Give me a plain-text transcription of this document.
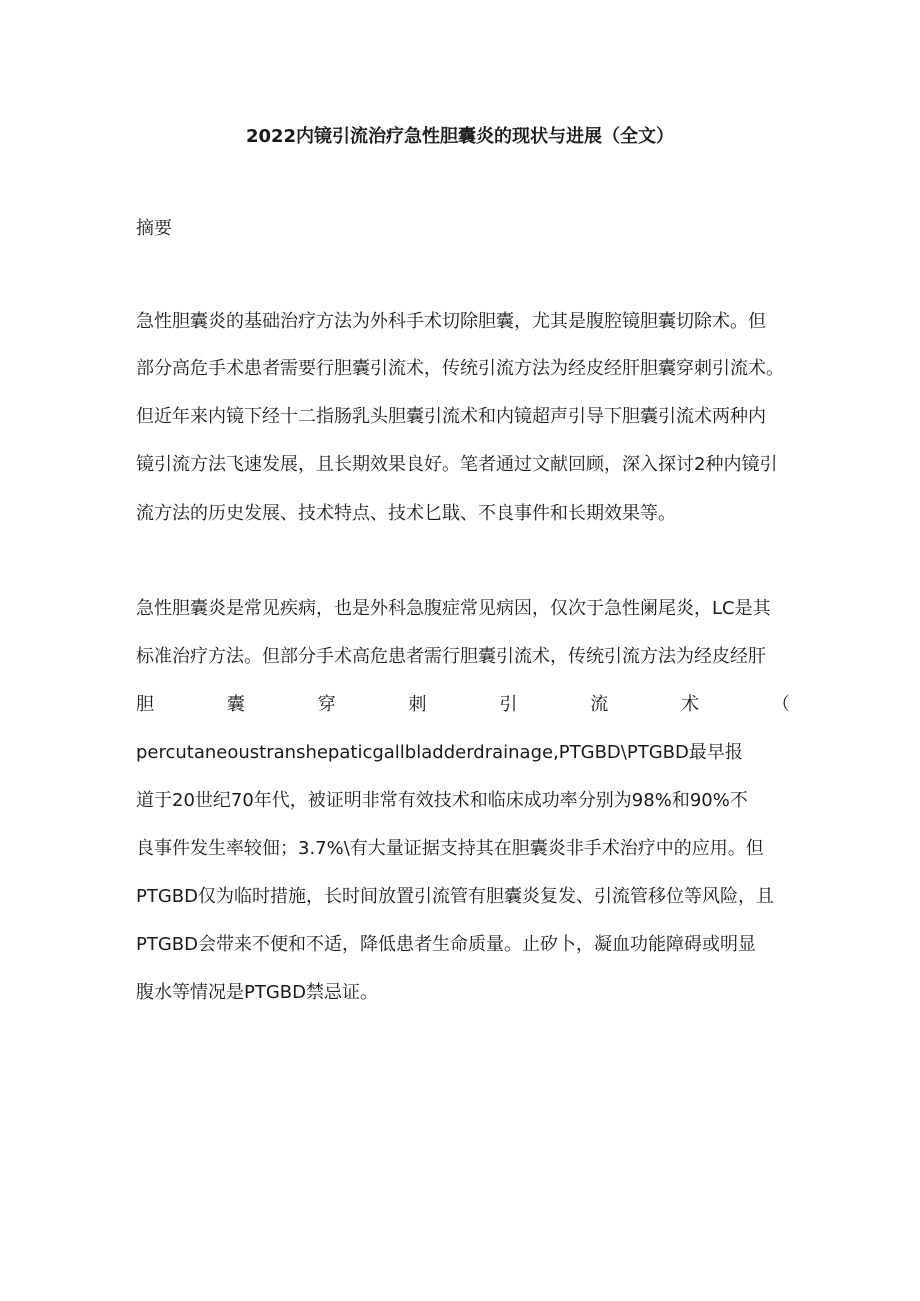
2022内镜引流治疗急性胆囊炎的现状与进展（全文）
摘要
急性胆囊炎的基础治疗方法为外科手术切除胆囊，尤其是腹腔镜胆囊切除术。但
部分高危手术患者需要行胆囊引流术，传统引流方法为经皮经肝胆囊穿刺引流术。
但近年来内镜下经十二指肠乳头胆囊引流术和内镜超声引导下胆囊引流术两种内
镜引流方法飞速发展，且长期效果良好。笔者通过文献回顾，深入探讨2种内镜引
流方法的历史发展、技术特点、技术匕戢、不良事件和长期效果等。
急性胆囊炎是常见疾病，也是外科急腹症常见病因，仅次于急性阑尾炎，LC是其
标准治疗方法。但部分手术高危患者需行胆囊引流术，传统引流方法为经皮经肝
胆	囊	穿	刺	引	流	术	（
percutaneoustranshepaticgallbladderdrainage,PTGBD\PTGBD最早报
道于20世纪70年代，被证明非常有效技术和临床成功率分别为98%和90%不
良事件发生率较佃；3.7%\有大量证据支持其在胆囊炎非手术治疗中的应用。但
PTGBD仅为临时措施，长时间放置引流管有胆囊炎复发、引流管移位等风险，且
PTGBD会带来不便和不适，降低患者生命质量。止矽卜，凝血功能障碍或明显
腹水等情况是PTGBD禁忌证。
